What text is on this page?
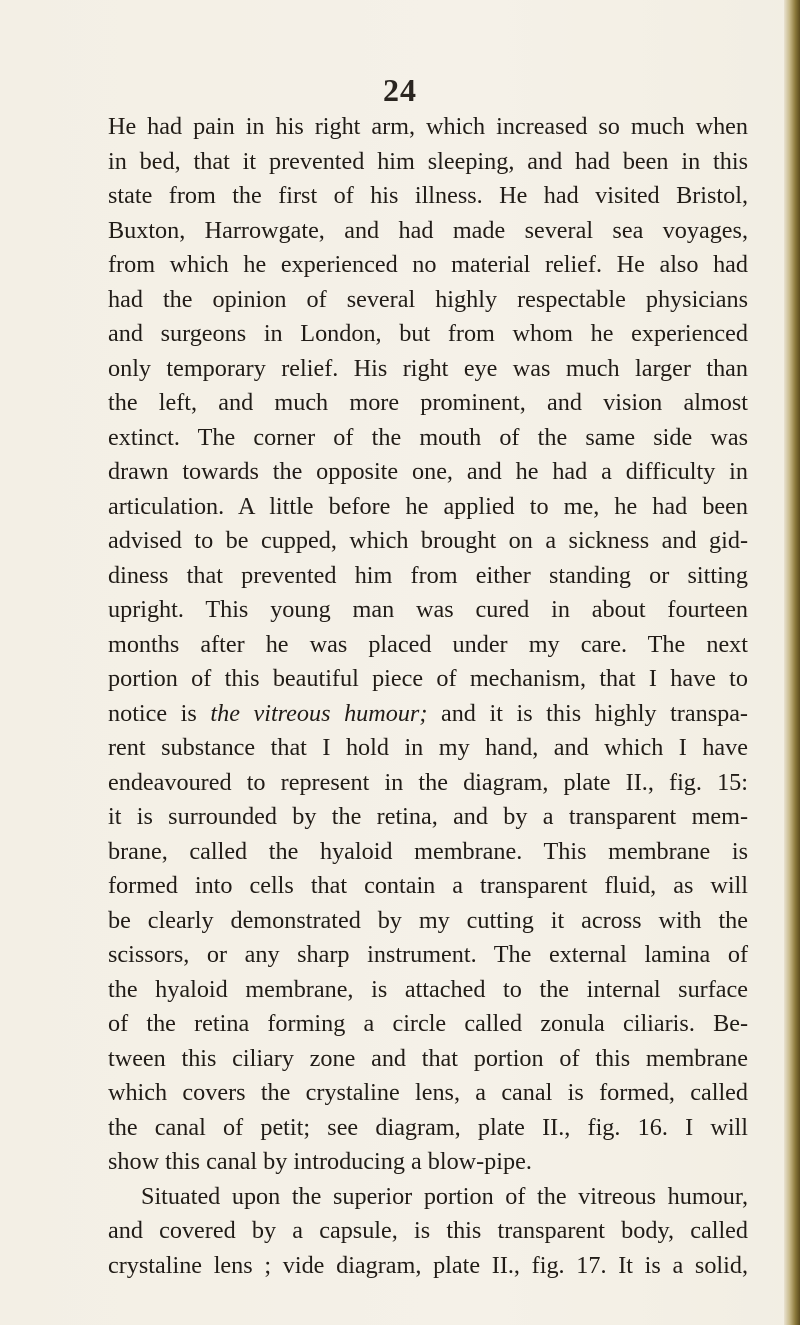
24
He had pain in his right arm, which increased so much when
in bed, that it prevented him sleeping, and had been in this
state from the first of his illness. He had visited Bristol,
Buxton, Harrowgate, and had made several sea voyages,
from which he experienced no material relief. He also had
had the opinion of several highly respectable physicians
and surgeons in London, but from whom he experienced
only temporary relief. His right eye was much larger than
the left, and much more prominent, and vision almost
extinct. The corner of the mouth of the same side was
drawn towards the opposite one, and he had a difficulty in
articulation. A little before he applied to me, he had been
advised to be cupped, which brought on a sickness and gid-
diness that prevented him from either standing or sitting
upright. This young man was cured in about fourteen
months after he was placed under my care. The next
portion of this beautiful piece of mechanism, that I have to
notice is the vitreous humour; and it is this highly transpa-
rent substance that I hold in my hand, and which I have
endeavoured to represent in the diagram, plate II., fig. 15:
it is surrounded by the retina, and by a transparent mem-
brane, called the hyaloid membrane. This membrane is
formed into cells that contain a transparent fluid, as will
be clearly demonstrated by my cutting it across with the
scissors, or any sharp instrument. The external lamina of
the hyaloid membrane, is attached to the internal surface
of the retina forming a circle called zonula ciliaris. Be-
tween this ciliary zone and that portion of this membrane
which covers the crystaline lens, a canal is formed, called
the canal of petit; see diagram, plate II., fig. 16. I will
show this canal by introducing a blow-pipe.
Situated upon the superior portion of the vitreous humour,
and covered by a capsule, is this transparent body, called
crystaline lens ; vide diagram, plate II., fig. 17. It is a solid,
